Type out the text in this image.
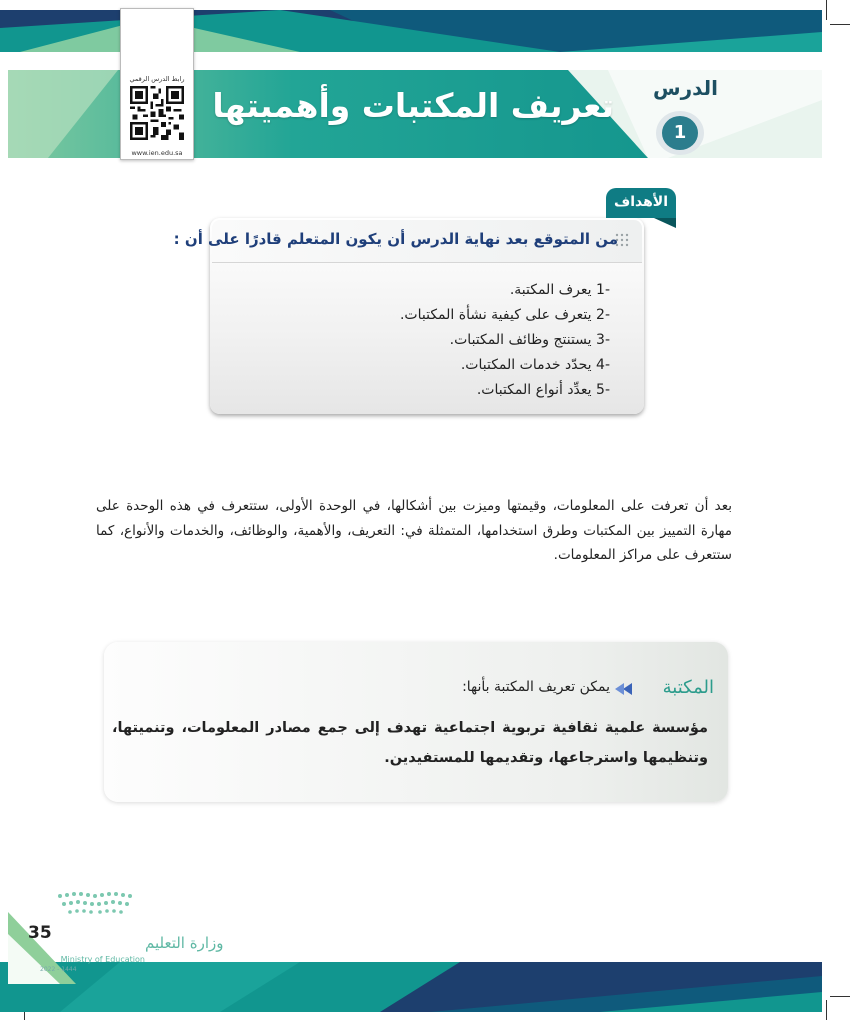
تعريف المكتبات وأهميتها الدرس
1
رابط الدرس الرقمي
www.ien.edu.sa
الأهداف
من المتوقع بعد نهاية الدرس أن يكون المتعلم قادرًا على أن :
-1 يعرف المكتبة.
-2 يتعرف على كيفية نشأة المكتبات.
-3 يستنتج وظائف المكتبات.
-4 يحدّد خدمات المكتبات.
-5 يعدِّد أنواع المكتبات.

بعد أن تعرفت على المعلومات، وقيمتها وميزت بين أشكالها، في الوحدة الأولى، ستتعرف في هذه الوحدة على مهارة التمييز بين المكتبات وطرق استخدامها، المتمثلة في: التعريف، والأهمية، والوظائف، والخدمات والأنواع، كما ستتعرف على مراكز المعلومات.

المكتبة
يمكن تعريف المكتبة بأنها:

مؤسسة علمية ثقافية تربوية اجتماعية تهدف إلى جمع مصادر المعلومات، وتنميتها، وتنظيمها واسترجاعها، وتقديمها للمستفيدين.

وزارة التعليم
Ministry of Education
35
2022 - 1444
